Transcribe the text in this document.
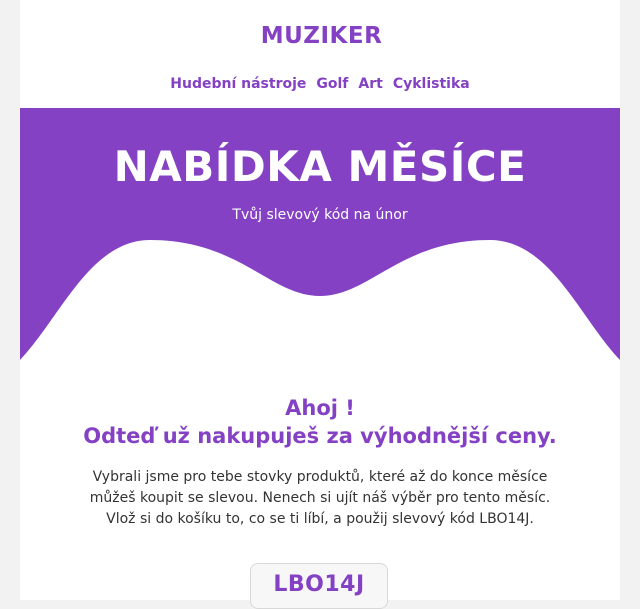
MUZIKER
Hudební nástroje Golf Art Cyklistika
NABÍDKA MĚSÍCE
Tvůj slevový kód na únor
Ahoj !
Odteď už nakupuješ za výhodnější ceny.
Vybrali jsme pro tebe stovky produktů, které až do konce měsíce
můžeš koupit se slevou. Nenech si ujít náš výběr pro tento měsíc.
Vlož si do košíku to, co se ti líbí, a použij slevový kód LBO14J.
LBO14J
